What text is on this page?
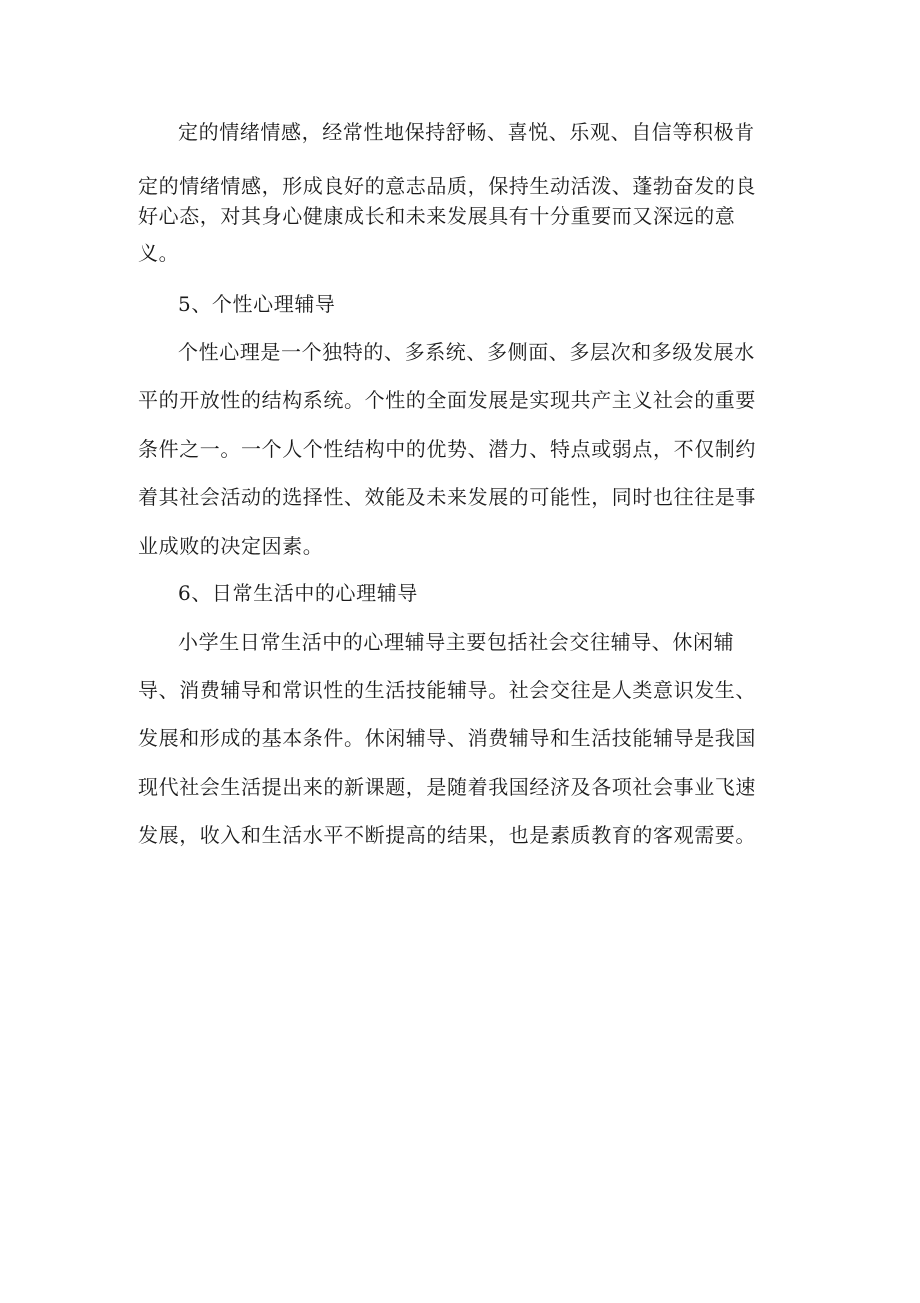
定的情绪情感，经常性地保持舒畅、喜悦、乐观、自信等积极肯

定的情绪情感，形成良好的意志品质，保持生动活泼、蓬勃奋发的良

好心态，对其身心健康成长和未来发展具有十分重要而又深远的意

义。

5、个性心理辅导

个性心理是一个独特的、多系统、多侧面、多层次和多级发展水

平的开放性的结构系统。个性的全面发展是实现共产主义社会的重要

条件之一。一个人个性结构中的优势、潜力、特点或弱点，不仅制约

着其社会活动的选择性、效能及未来发展的可能性，同时也往往是事

业成败的决定因素。

6、日常生活中的心理辅导

小学生日常生活中的心理辅导主要包括社会交往辅导、休闲辅

导、消费辅导和常识性的生活技能辅导。社会交往是人类意识发生、

发展和形成的基本条件。休闲辅导、消费辅导和生活技能辅导是我国

现代社会生活提出来的新课题，是随着我国经济及各项社会事业飞速

发展，收入和生活水平不断提高的结果，也是素质教育的客观需要。
